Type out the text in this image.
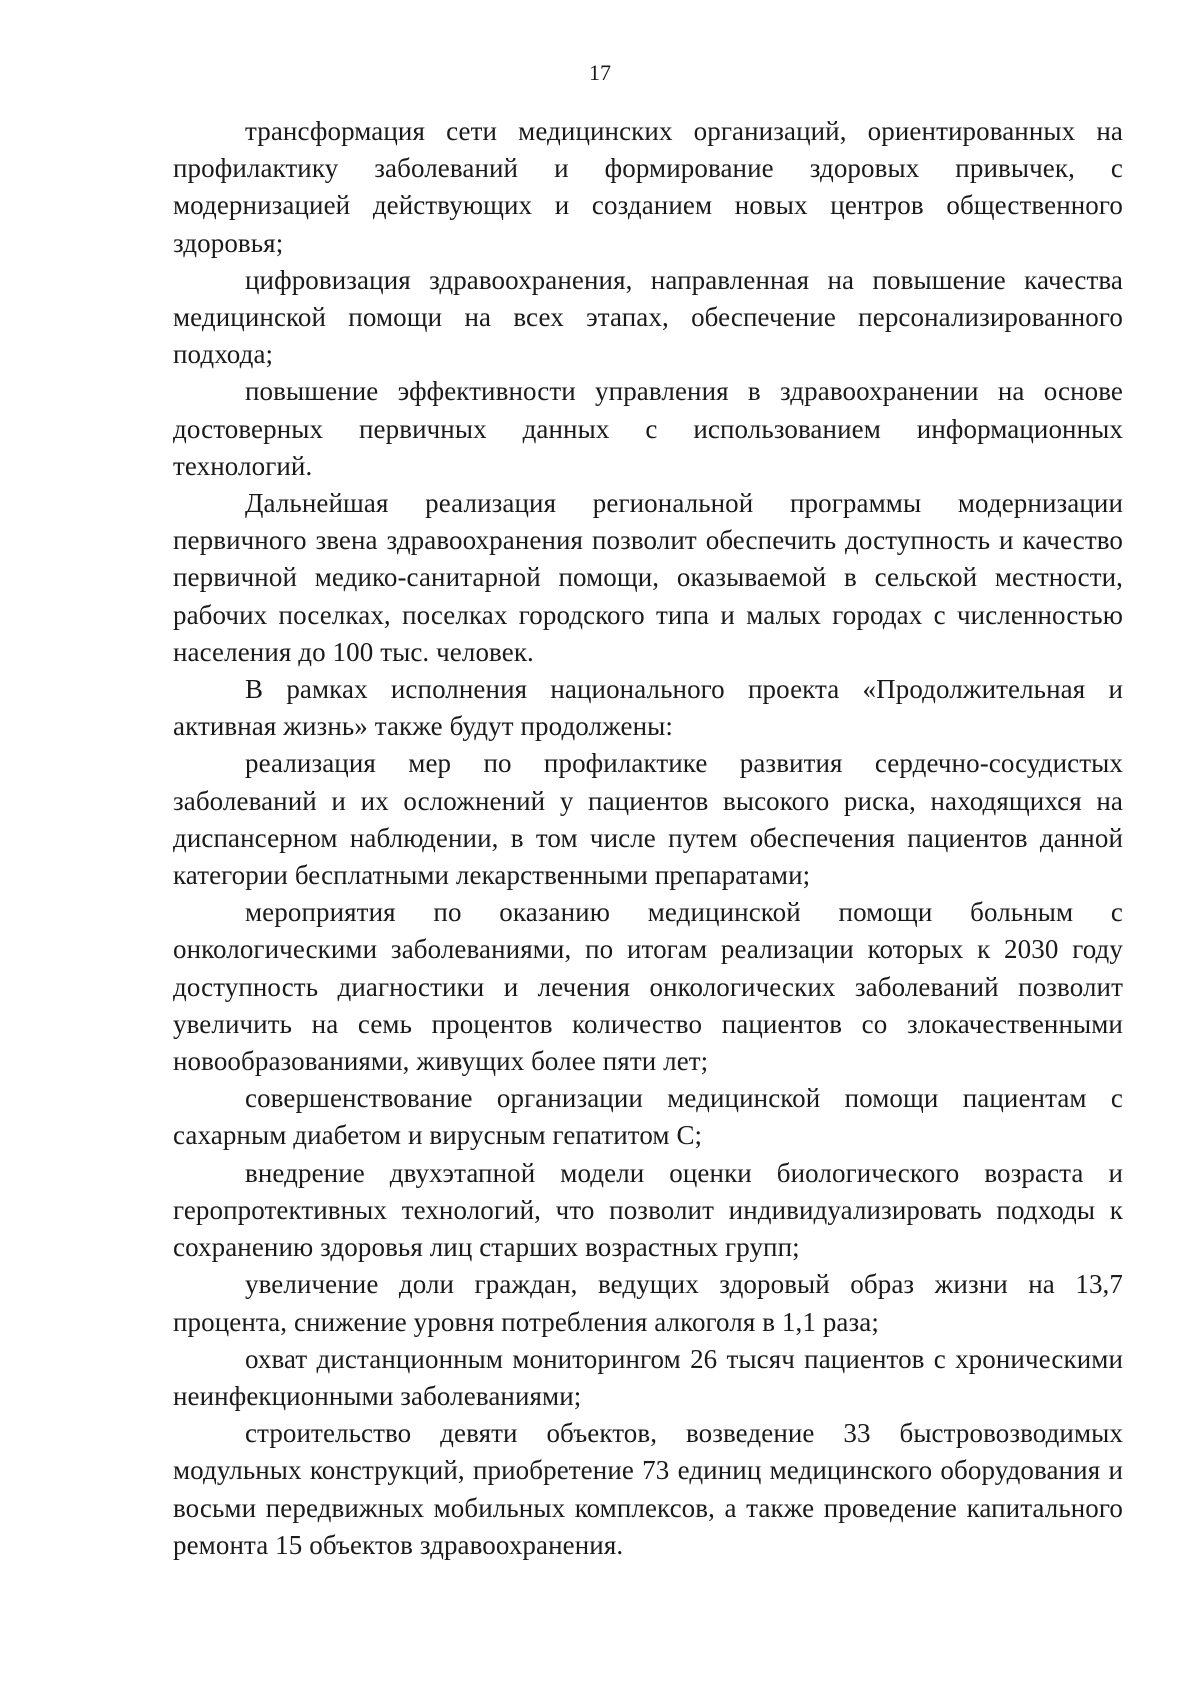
17

трансформация сети медицинских организаций, ориентированных на профилактику заболеваний и формирование здоровых привычек, с модернизацией действующих и созданием новых центров общественного здоровья;

цифровизация здравоохранения, направленная на повышение качества медицинской помощи на всех этапах, обеспечение персонализированного подхода;

повышение эффективности управления в здравоохранении на основе достоверных первичных данных с использованием информационных технологий.

Дальнейшая реализация региональной программы модернизации первичного звена здравоохранения позволит обеспечить доступность и качество первичной медико-санитарной помощи, оказываемой в сельской местности, рабочих поселках, поселках городского типа и малых городах с численностью населения до 100 тыс. человек.

В рамках исполнения национального проекта «Продолжительная и активная жизнь» также будут продолжены:

реализация мер по профилактике развития сердечно-сосудистых заболеваний и их осложнений у пациентов высокого риска, находящихся на диспансерном наблюдении, в том числе путем обеспечения пациентов данной категории бесплатными лекарственными препаратами;

мероприятия по оказанию медицинской помощи больным с онкологическими заболеваниями, по итогам реализации которых к 2030 году доступность диагностики и лечения онкологических заболеваний позволит увеличить на семь процентов количество пациентов со злокачественными новообразованиями, живущих более пяти лет;

совершенствование организации медицинской помощи пациентам с сахарным диабетом и вирусным гепатитом С;

внедрение двухэтапной модели оценки биологического возраста и геропротективных технологий, что позволит индивидуализировать подходы к сохранению здоровья лиц старших возрастных групп;

увеличение доли граждан, ведущих здоровый образ жизни на 13,7 процента, снижение уровня потребления алкоголя в 1,1 раза;

охват дистанционным мониторингом 26 тысяч пациентов с хроническими неинфекционными заболеваниями;

строительство девяти объектов, возведение 33 быстровозводимых модульных конструкций, приобретение 73 единиц медицинского оборудования и восьми передвижных мобильных комплексов, а также проведение капитального ремонта 15 объектов здравоохранения.
